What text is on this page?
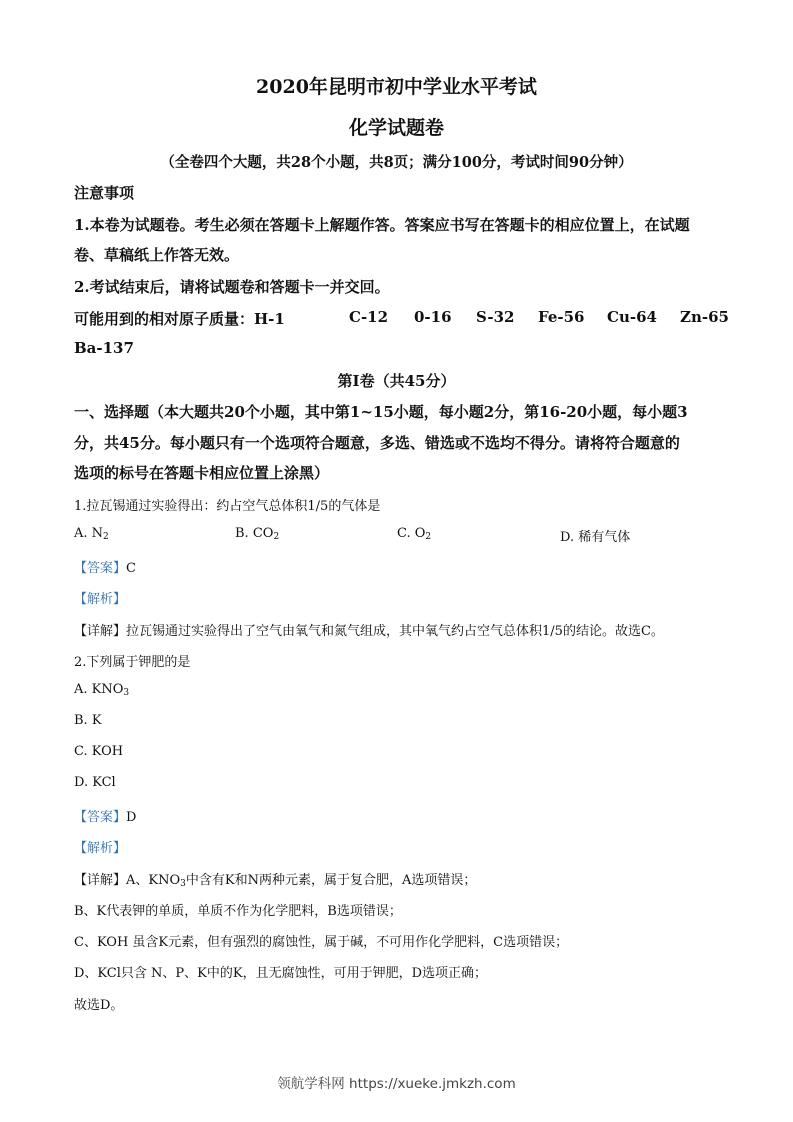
2020年昆明市初中学业水平考试
化学试题卷
（全卷四个大题，共28个小题，共8页；满分100分，考试时间90分钟）
注意事项
1.本卷为试题卷。考生必须在答题卡上解题作答。答案应书写在答题卡的相应位置上，在试题
卷、草稿纸上作答无效。
2.考试结束后，请将试题卷和答题卡一并交回。
可能用到的相对原子质量：H-1	C-12 0-16 S-32 Fe-56 Cu-64 Zn-65
Ba-137
第Ⅰ卷（共45分）
一、选择题（本大题共20个小题，其中第1~15小题，每小题2分，第16-20小题，每小题3
分，共45分。每小题只有一个选项符合题意，多选、错选或不选均不得分。请将符合题意的
选项的标号在答题卡相应位置上涂黑）
1.拉瓦锡通过实验得出：约占空气总体积1/5的气体是
A. $N_2$	B. $CO_2$	C. $O_2$	D. 稀有气体
【答案】C
【解析】
【详解】拉瓦锡通过实验得出了空气由氧气和氮气组成，其中氧气约占空气总体积1/5的结论。故选C。
2.下列属于钾肥的是
A. $KNO_3$
B. K
C. KOH
D. KCl
【答案】D
【解析】
【详解】A、$KNO_3$中含有K和N两种元素，属于复合肥，A选项错误；
B、K代表钾的单质，单质不作为化学肥料，B选项错误；
C、KOH 虽含K元素，但有强烈的腐蚀性，属于碱，不可用作化学肥料，C选项错误；
D、KCl只含 N、P、K中的K，且无腐蚀性，可用于钾肥，D选项正确；
故选D。
领航学科网 https://xueke.jmkzh.com
